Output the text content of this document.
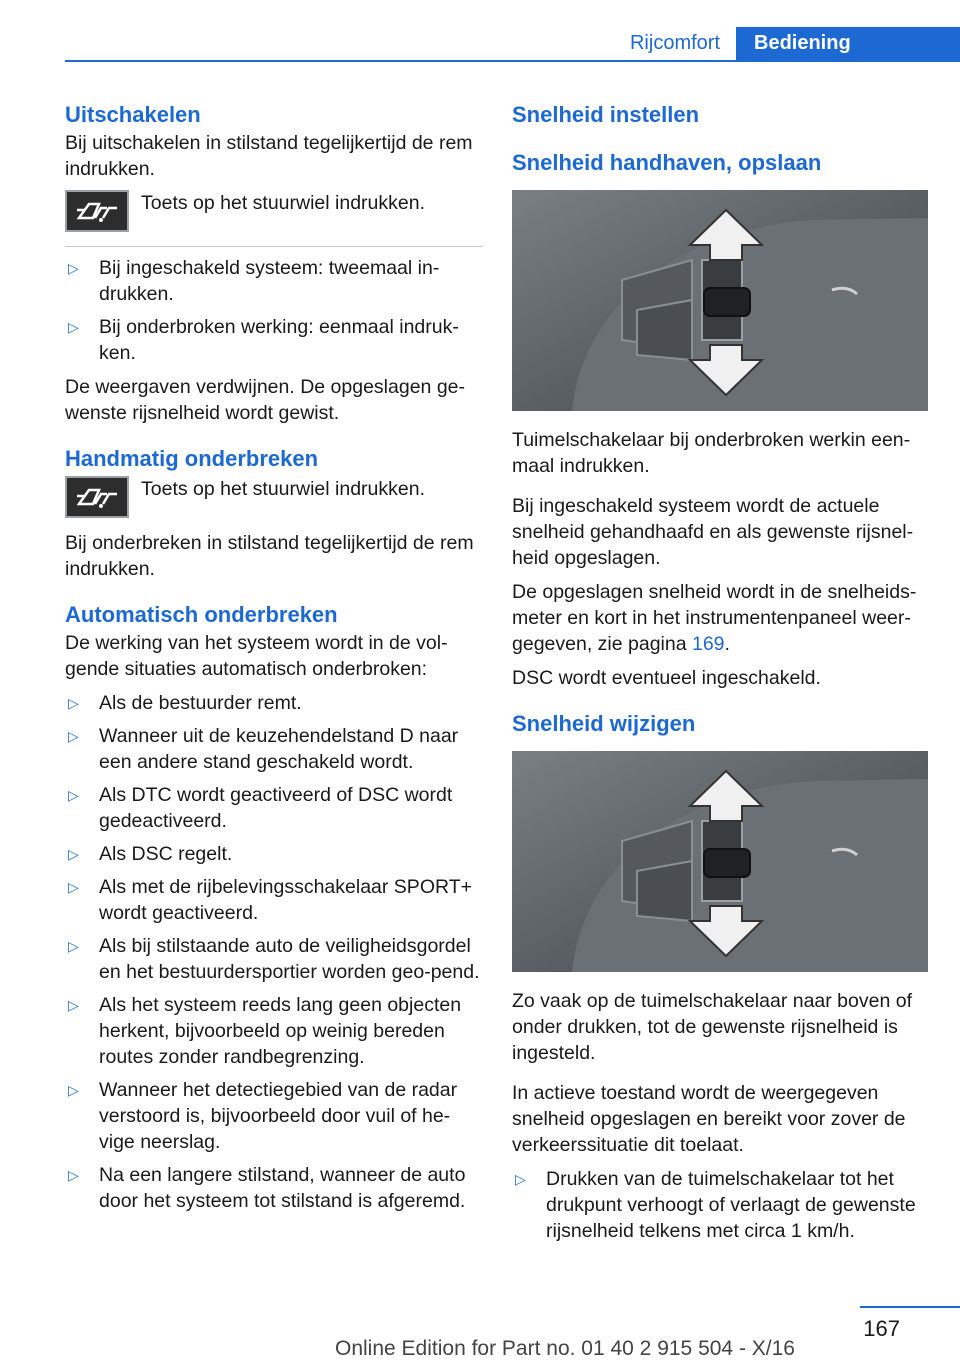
Rijcomfort	Bediening
Uitschakelen

Bij uitschakelen in stilstand tegelijkertijd de rem indrukken.

Toets op het stuurwiel indrukken.
▷ Bij ingeschakeld systeem: tweemaal in‐drukken.
▷ Bij onderbroken werking: eenmaal indruk‐ken.

De weergaven verdwijnen. De opgeslagen ge‐wenste rijsnelheid wordt gewist.

Handmatig onderbreken
Toets op het stuurwiel indrukken.

Bij onderbreken in stilstand tegelijkertijd de rem indrukken.

Automatisch onderbreken

De werking van het systeem wordt in de vol‐gende situaties automatisch onderbroken:

▷ Als de bestuurder remt.
▷ Wanneer uit de keuzehendelstand D naar een andere stand geschakeld wordt.
▷ Als DTC wordt geactiveerd of DSC wordt gedeactiveerd.
▷ Als DSC regelt.
▷ Als met de rijbelevingsschakelaar SPORT+ wordt geactiveerd.
▷ Als bij stilstaande auto de veiligheidsgordel en het bestuurdersportier worden geo‐pend.
▷ Als het systeem reeds lang geen objecten herkent, bijvoorbeeld op weinig bereden routes zonder randbegrenzing.
▷ Wanneer het detectiegebied van de radar verstoord is, bijvoorbeeld door vuil of he‐vige neerslag.
▷ Na een langere stilstand, wanneer de auto door het systeem tot stilstand is afgeremd.
Snelheid instellen
Snelheid handhaven, opslaan

Tuimelschakelaar bij onderbroken werkin een‐maal indrukken.

Bij ingeschakeld systeem wordt de actuele snelheid gehandhaafd en als gewenste rijsnel‐heid opgeslagen.

De opgeslagen snelheid wordt in de snelheids‐meter en kort in het instrumentenpaneel weer‐gegeven, zie pagina 169.

DSC wordt eventueel ingeschakeld.

Snelheid wijzigen

Zo vaak op de tuimelschakelaar naar boven of onder drukken, tot de gewenste rijsnelheid is ingesteld.

In actieve toestand wordt de weergegeven snelheid opgeslagen en bereikt voor zover de verkeerssituatie dit toelaat.

▷ Drukken van de tuimelschakelaar tot het drukpunt verhoogt of verlaagt de gewenste rijsnelheid telkens met circa 1 km/h.
167
Online Edition for Part no. 01 40 2 915 504 - X/16
